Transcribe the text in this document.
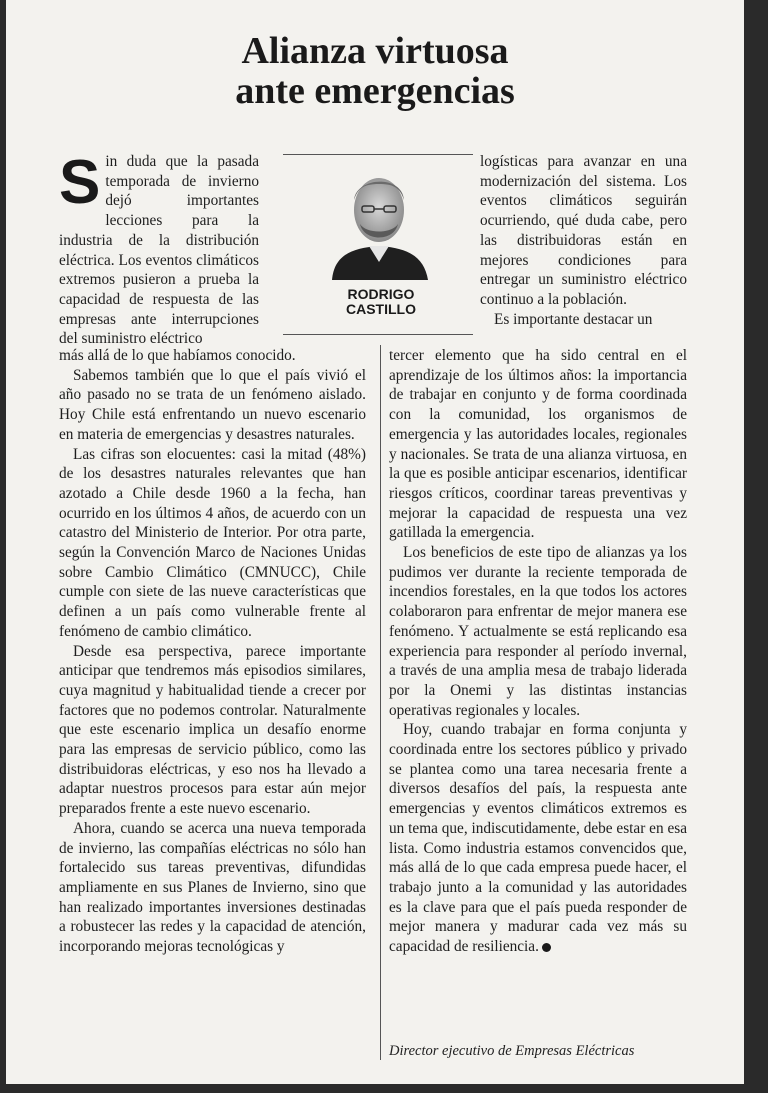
Alianza virtuosa
ante emergencias
RODRIGO
CASTILLO

Sin duda que la pasada temporada de invierno dejó importantes lecciones para la industria de la distribución eléctrica. Los eventos climáticos extremos pusieron a prueba la capacidad de respuesta de las empresas ante interrupciones del suministro eléctrico

más allá de lo que habíamos conocido.

Sabemos también que lo que el país vivió el año pasado no se trata de un fenómeno aislado. Hoy Chile está enfrentando un nuevo escenario en materia de emergencias y desastres naturales.

Las cifras son elocuentes: casi la mitad (48%) de los desastres naturales relevantes que han azotado a Chile desde 1960 a la fecha, han ocurrido en los últimos 4 años, de acuerdo con un catastro del Ministerio de Interior. Por otra parte, según la Convención Marco de Naciones Unidas sobre Cambio Climático (CMNUCC), Chile cumple con siete de las nueve características que definen a un país como vulnerable frente al fenómeno de cambio climático.

Desde esa perspectiva, parece importante anticipar que tendremos más episodios similares, cuya magnitud y habitualidad tiende a crecer por factores que no podemos controlar. Naturalmente que este escenario implica un desafío enorme para las empresas de servicio público, como las distribuidoras eléctricas, y eso nos ha llevado a adaptar nuestros procesos para estar aún mejor preparados frente a este nuevo escenario.

Ahora, cuando se acerca una nueva temporada de invierno, las compañías eléctricas no sólo han fortalecido sus tareas preventivas, difundidas ampliamente en sus Planes de Invierno, sino que han realizado importantes inversiones destinadas a robustecer las redes y la capacidad de atención, incorporando mejoras tecnológicas y

logísticas para avanzar en una modernización del sistema. Los eventos climáticos seguirán ocurriendo, qué duda cabe, pero las distribuidoras están en mejores condiciones para entregar un suministro eléctrico continuo a la población.

Es importante destacar un

tercer elemento que ha sido central en el aprendizaje de los últimos años: la importancia de trabajar en conjunto y de forma coordinada con la comunidad, los organismos de emergencia y las autoridades locales, regionales y nacionales. Se trata de una alianza virtuosa, en la que es posible anticipar escenarios, identificar riesgos críticos, coordinar tareas preventivas y mejorar la capacidad de respuesta una vez gatillada la emergencia.

Los beneficios de este tipo de alianzas ya los pudimos ver durante la reciente temporada de incendios forestales, en la que todos los actores colaboraron para enfrentar de mejor manera ese fenómeno. Y actualmente se está replicando esa experiencia para responder al período invernal, a través de una amplia mesa de trabajo liderada por la Onemi y las distintas instancias operativas regionales y locales.

Hoy, cuando trabajar en forma conjunta y coordinada entre los sectores público y privado se plantea como una tarea necesaria frente a diversos desafíos del país, la respuesta ante emergencias y eventos climáticos extremos es un tema que, indiscutidamente, debe estar en esa lista. Como industria estamos convencidos que, más allá de lo que cada empresa puede hacer, el trabajo junto a la comunidad y las autoridades es la clave para que el país pueda responder de mejor manera y madurar cada vez más su capacidad de resiliencia.

Director ejecutivo de Empresas Eléctricas
